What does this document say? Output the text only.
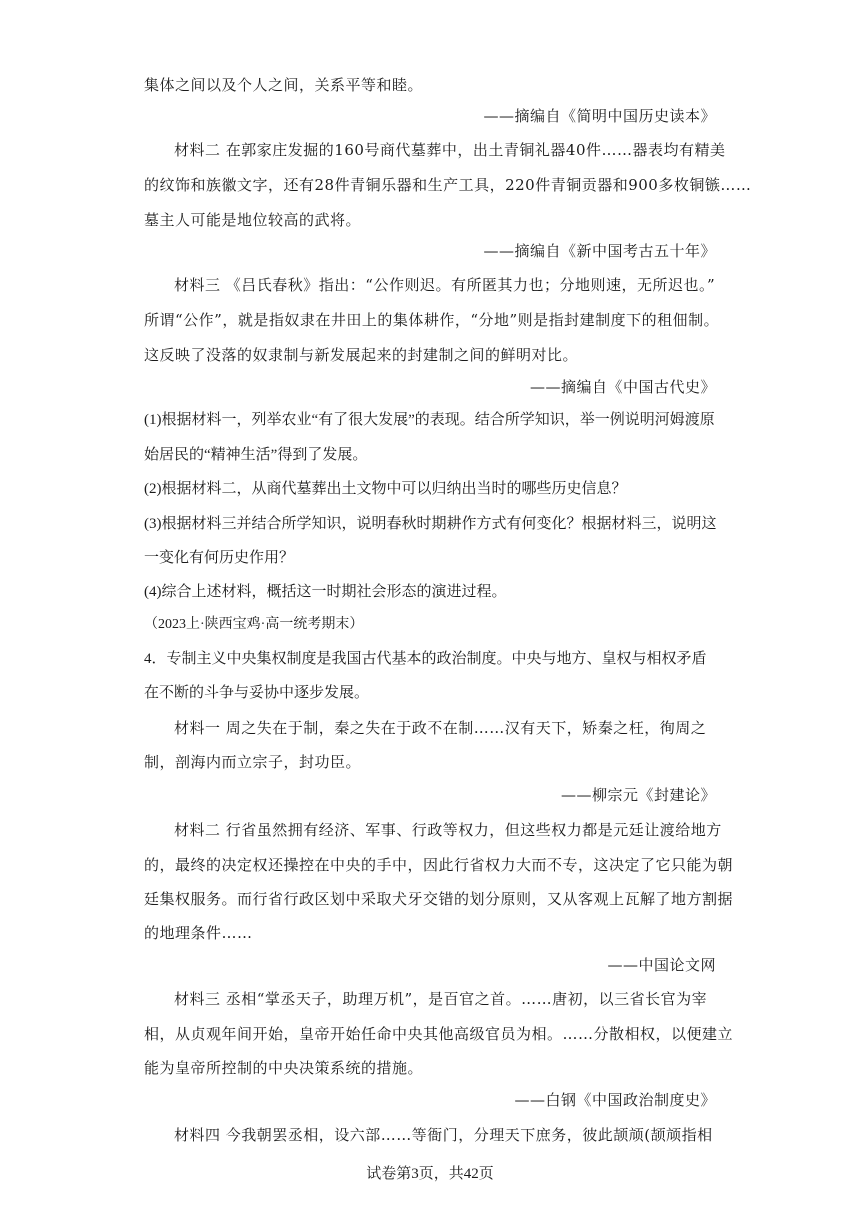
集体之间以及个人之间，关系平等和睦。
——摘编自《简明中国历史读本》
材料二 在郭家庄发掘的160号商代墓葬中，出土青铜礼器40件……器表均有精美
的纹饰和族徽文字，还有28件青铜乐器和生产工具，220件青铜贡器和900多枚铜镞……
墓主人可能是地位较高的武将。
——摘编自《新中国考古五十年》
材料三 《吕氏春秋》指出：“公作则迟。有所匿其力也；分地则速，无所迟也。”
所谓“公作”，就是指奴隶在井田上的集体耕作，“分地”则是指封建制度下的租佃制。
这反映了没落的奴隶制与新发展起来的封建制之间的鲜明对比。
——摘编自《中国古代史》
(1)根据材料一，列举农业“有了很大发展”的表现。结合所学知识，举一例说明河姆渡原
始居民的“精神生活”得到了发展。
(2)根据材料二，从商代墓葬出土文物中可以归纳出当时的哪些历史信息？
(3)根据材料三并结合所学知识，说明春秋时期耕作方式有何变化？根据材料三，说明这
一变化有何历史作用？
(4)综合上述材料，概括这一时期社会形态的演进过程。
（2023上·陕西宝鸡·高一统考期末）
4．专制主义中央集权制度是我国古代基本的政治制度。中央与地方、皇权与相权矛盾
在不断的斗争与妥协中逐步发展。
材料一 周之失在于制，秦之失在于政不在制……汉有天下，矫秦之枉，徇周之
制，剖海内而立宗子，封功臣。
——柳宗元《封建论》
材料二 行省虽然拥有经济、军事、行政等权力，但这些权力都是元廷让渡给地方
的，最终的决定权还操控在中央的手中，因此行省权力大而不专，这决定了它只能为朝
廷集权服务。而行省行政区划中采取犬牙交错的划分原则，又从客观上瓦解了地方割据
的地理条件……
——中国论文网
材料三 丞相“掌丞天子，助理万机”，是百官之首。……唐初，以三省长官为宰
相，从贞观年间开始，皇帝开始任命中央其他高级官员为相。……分散相权，以便建立
能为皇帝所控制的中央决策系统的措施。
——白钢《中国政治制度史》
材料四 今我朝罢丞相，设六部……等衙门，分理天下庶务，彼此颉颃(颉颃指相
试卷第3页，共42页
